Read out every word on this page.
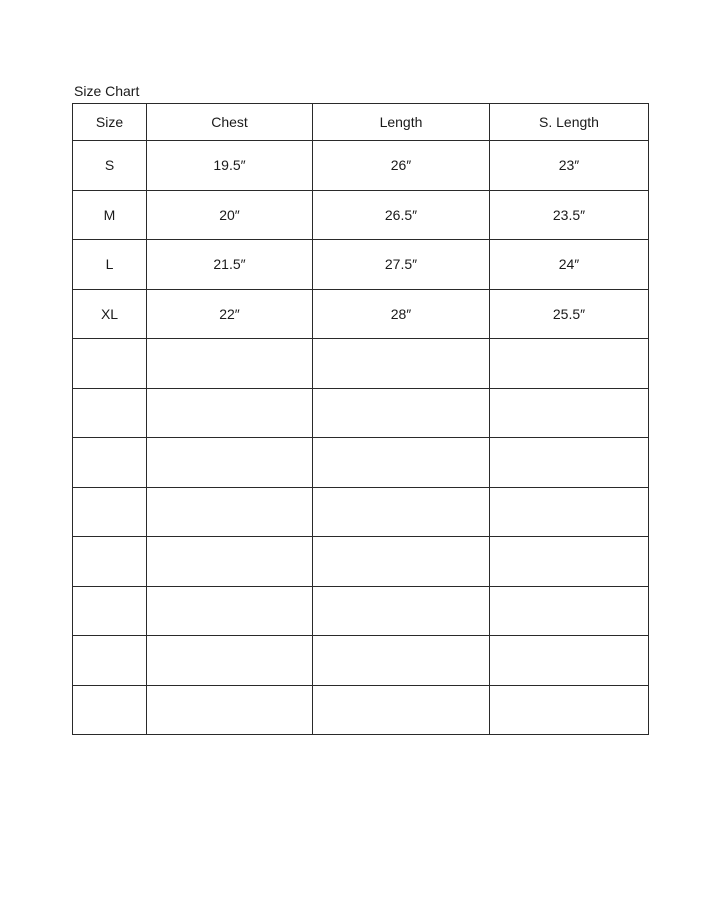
Size Chart
Size	Chest	Length	S. Length
S	19.5″	26″	23″
M	20″	26.5″	23.5″
L	21.5″	27.5″	24″
XL	22″	28″	25.5″
